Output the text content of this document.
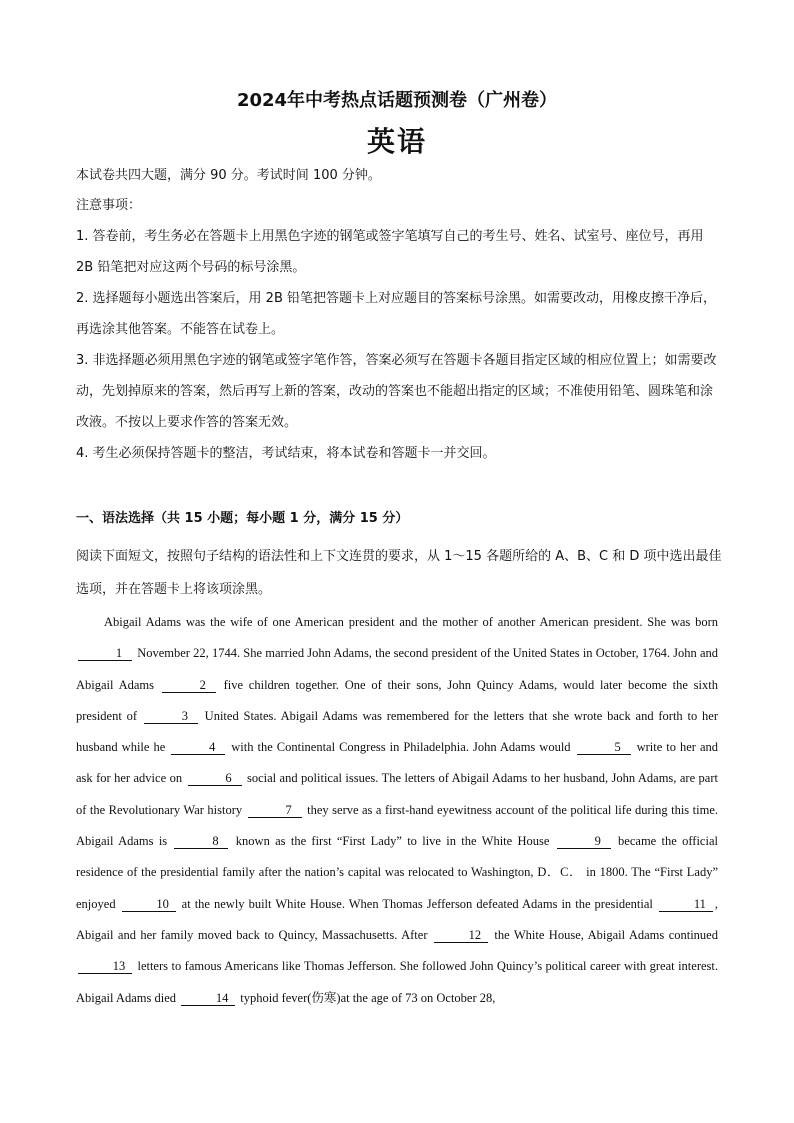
2024年中考热点话题预测卷（广州卷）
英语
本试卷共四大题，满分 90 分。考试时间 100 分钟。

注意事项：

1. 答卷前，考生务必在答题卡上用黑色字迹的钢笔或签字笔填写自己的考生号、姓名、试室号、座位号，再用 2B 铅笔把对应这两个号码的标号涂黑。

2. 选择题每小题选出答案后，用 2B 铅笔把答题卡上对应题目的答案标号涂黑。如需要改动，用橡皮擦干净后，再选涂其他答案。不能答在试卷上。

3. 非选择题必须用黑色字迹的钢笔或签字笔作答，答案必须写在答题卡各题目指定区域的相应位置上；如需要改动，先划掉原来的答案，然后再写上新的答案，改动的答案也不能超出指定的区域；不准使用铅笔、圆珠笔和涂改液。不按以上要求作答的答案无效。

4. 考生必须保持答题卡的整洁，考试结束，将本试卷和答题卡一并交回。

一、语法选择（共 15 小题；每小题 1 分，满分 15 分）
阅读下面短文，按照句子结构的语法性和上下文连贯的要求，从 1～15 各题所给的 A、B、C 和 D 项中选出最佳选项，并在答题卡上将该项涂黑。

Abigail Adams was the wife of one American president and the mother of another American president. She was born 1 November 22, 1744. She married John Adams, the second president of the United States in October, 1764. John and Abigail Adams	2 five children together. One of their sons, John Quincy Adams, would later become the sixth president of	3 United States. Abigail Adams was remembered for the letters that she wrote back and forth to her husband while he	4 with the Continental Congress in Philadelphia. John Adams would	5 write to her and ask for her advice on	6 social and political issues. The letters of Abigail Adams to her husband, John Adams, are part of the Revolutionary War history	7 they serve as a first-hand eyewitness account of the political life during this time. Abigail Adams is	8 known as the first “First Lady” to live in the White House	9 became the official residence of the presidential family after the nation’s capital was relocated to Washington, D．C． in 1800. The “First Lady” enjoyed	10 at the newly built White House. When Thomas Jefferson defeated Adams in the presidential	11 , Abigail and her family moved back to Quincy, Massachusetts. After	12 the White House, Abigail Adams continued 13 letters to famous Americans like Thomas Jefferson. She followed John Quincy’s political career with great interest. Abigail Adams died	14 typhoid fever(伤寒)at the age of 73 on October 28,
